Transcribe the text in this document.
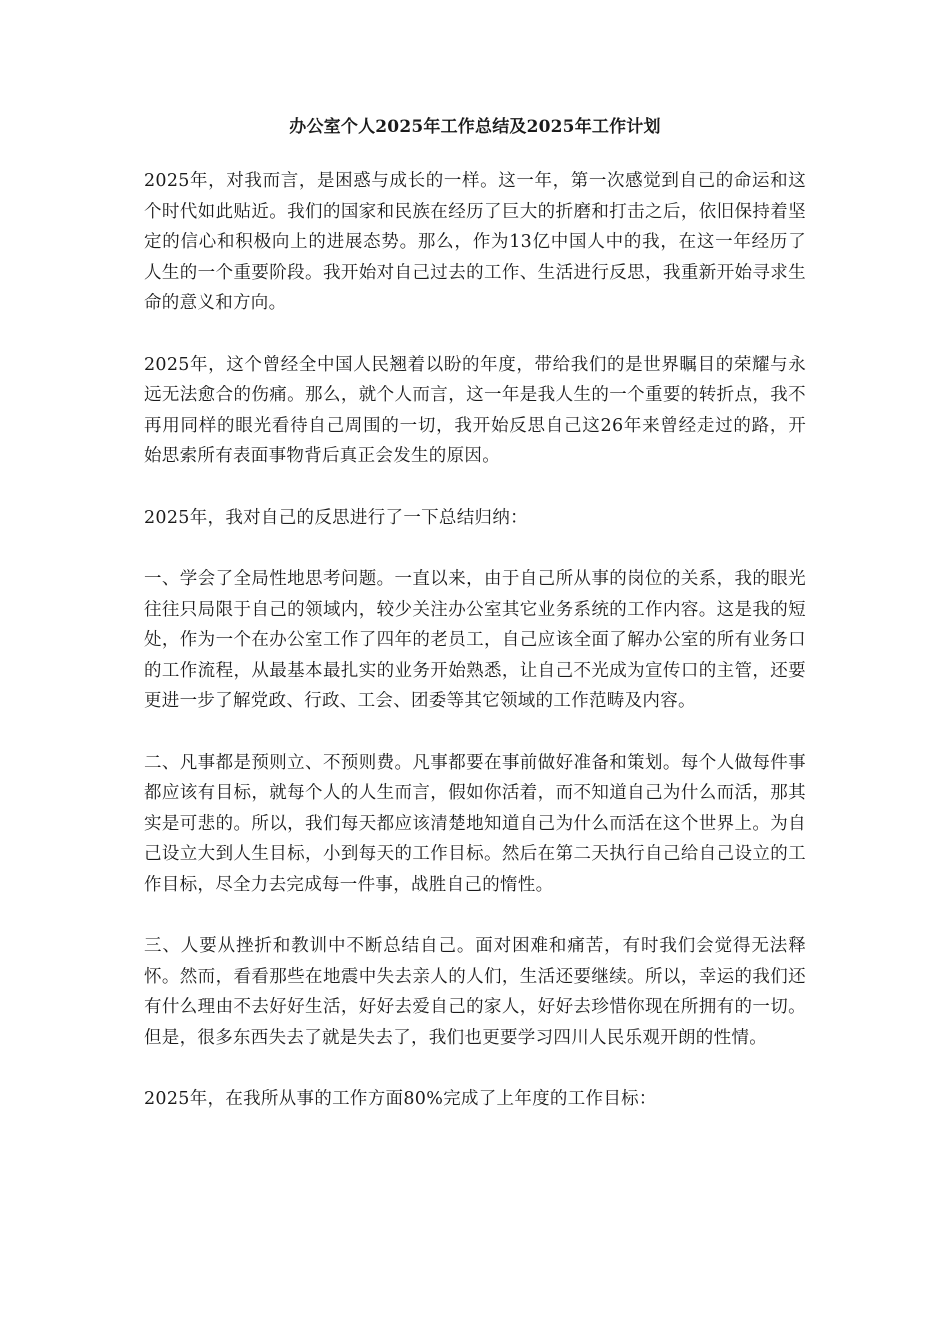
办公室个人2025年工作总结及2025年工作计划

2025年，对我而言，是困惑与成长的一样。这一年，第一次感觉到自己的命运和这个时代如此贴近。我们的国家和民族在经历了巨大的折磨和打击之后，依旧保持着坚定的信心和积极向上的进展态势。那么，作为13亿中国人中的我，在这一年经历了人生的一个重要阶段。我开始对自己过去的工作、生活进行反思，我重新开始寻求生命的意义和方向。

2025年，这个曾经全中国人民翘着以盼的年度，带给我们的是世界瞩目的荣耀与永远无法愈合的伤痛。那么，就个人而言，这一年是我人生的一个重要的转折点，我不再用同样的眼光看待自己周围的一切，我开始反思自己这26年来曾经走过的路，开始思索所有表面事物背后真正会发生的原因。

2025年，我对自己的反思进行了一下总结归纳：

一、学会了全局性地思考问题。一直以来，由于自己所从事的岗位的关系，我的眼光往往只局限于自己的领域内，较少关注办公室其它业务系统的工作内容。这是我的短处，作为一个在办公室工作了四年的老员工，自己应该全面了解办公室的所有业务口的工作流程，从最基本最扎实的业务开始熟悉，让自己不光成为宣传口的主管，还要更进一步了解党政、行政、工会、团委等其它领域的工作范畴及内容。

二、凡事都是预则立、不预则费。凡事都要在事前做好准备和策划。每个人做每件事都应该有目标，就每个人的人生而言，假如你活着，而不知道自己为什么而活，那其实是可悲的。所以，我们每天都应该清楚地知道自己为什么而活在这个世界上。为自己设立大到人生目标，小到每天的工作目标。然后在第二天执行自己给自己设立的工作目标，尽全力去完成每一件事，战胜自己的惰性。

三、人要从挫折和教训中不断总结自己。面对困难和痛苦，有时我们会觉得无法释怀。然而，看看那些在地震中失去亲人的人们，生活还要继续。所以，幸运的我们还有什么理由不去好好生活，好好去爱自己的家人，好好去珍惜你现在所拥有的一切。但是，很多东西失去了就是失去了，我们也更要学习四川人民乐观开朗的性情。

2025年，在我所从事的工作方面80%完成了上年度的工作目标：
